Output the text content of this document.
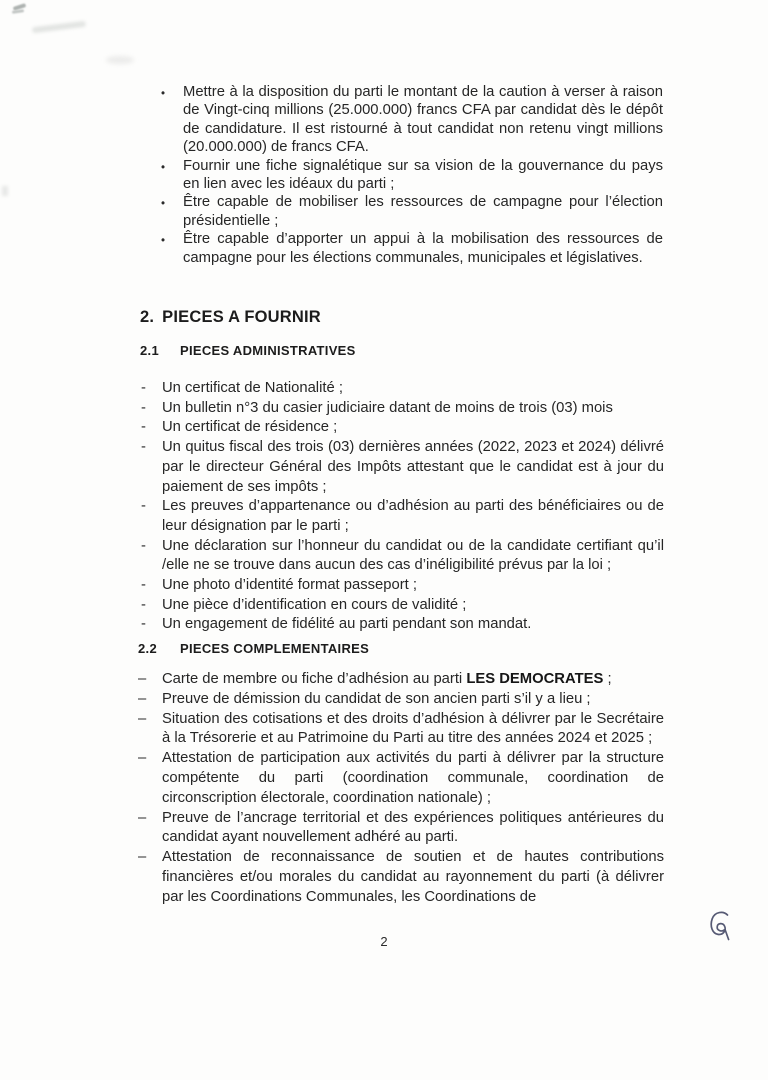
•	Mettre à la disposition du parti le montant de la caution à verser à raison de Vingt-cinq millions (25.000.000) francs CFA par candidat dès le dépôt de candidature. Il est ristourné à tout candidat non retenu vingt millions (20.000.000) de francs CFA.
•	Fournir une fiche signalétique sur sa vision de la gouvernance du pays en lien avec les idéaux du parti ;
•	Être capable de mobiliser les ressources de campagne pour l’élection présidentielle ;
•	Être capable d’apporter un appui à la mobilisation des ressources de campagne pour les élections communales, municipales et législatives.
2. PIECES A FOURNIR
2.1 PIECES ADMINISTRATIVES
-	Un certificat de Nationalité ;
-	Un bulletin n°3 du casier judiciaire datant de moins de trois (03) mois
-	Un certificat de résidence ;
-	Un quitus fiscal des trois (03) dernières années (2022, 2023 et 2024) délivré par le directeur Général des Impôts attestant que le candidat est à jour du paiement de ses impôts ;
-	Les preuves d’appartenance ou d’adhésion au parti des bénéficiaires ou de leur désignation par le parti ;
-	Une déclaration sur l’honneur du candidat ou de la candidate certifiant qu’il /elle ne se trouve dans aucun des cas d’inéligibilité prévus par la loi ;
-	Une photo d’identité format passeport ;
-	Une pièce d’identification en cours de validité ;
-	Un engagement de fidélité au parti pendant son mandat.
2.2 PIECES COMPLEMENTAIRES
–	Carte de membre ou fiche d’adhésion au parti LES DEMOCRATES ;
–	Preuve de démission du candidat de son ancien parti s’il y a lieu ;
–	Situation des cotisations et des droits d’adhésion à délivrer par le Secrétaire à la Trésorerie et au Patrimoine du Parti au titre des années 2024 et 2025 ;
–	Attestation de participation aux activités du parti à délivrer par la structure compétente du parti (coordination communale, coordination de circonscription électorale, coordination nationale) ;
–	Preuve de l’ancrage territorial et des expériences politiques antérieures du candidat ayant nouvellement adhéré au parti.
–	Attestation de reconnaissance de soutien et de hautes contributions financières et/ou morales du candidat au rayonnement du parti (à délivrer par les Coordinations Communales, les Coordinations de
2
